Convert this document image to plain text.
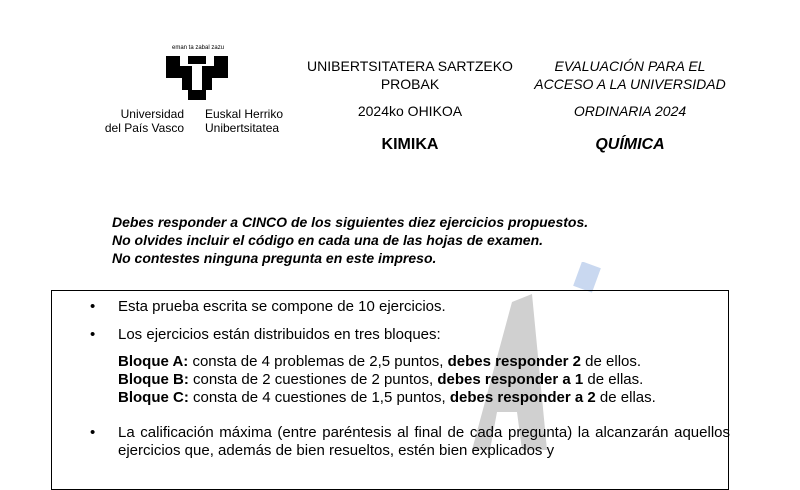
eman ta zabal zazu
Universidad
del País Vasco
Euskal Herriko
Unibertsitatea
UNIBERTSITATERA SARTZEKO
PROBAK
2024ko OHIKOA
KIMIKA
EVALUACIÓN PARA EL
ACCESO A LA UNIVERSIDAD
ORDINARIA 2024
QUÍMICA
Debes responder a CINCO de los siguientes diez ejercicios propuestos.
No olvides incluir el código en cada una de las hojas de examen.
No contestes ninguna pregunta en este impreso.
• Esta prueba escrita se compone de 10 ejercicios.
• Los ejercicios están distribuidos en tres bloques:
Bloque A: consta de 4 problemas de 2,5 puntos, debes responder 2 de ellos.
Bloque B: consta de 2 cuestiones de 2 puntos, debes responder a 1 de ellas.
Bloque C: consta de 4 cuestiones de 1,5 puntos, debes responder a 2 de ellas.
•	La calificación máxima (entre paréntesis al final de cada pregunta) la alcanzarán aquellos ejercicios que, además de bien resueltos, estén bien explicados y
